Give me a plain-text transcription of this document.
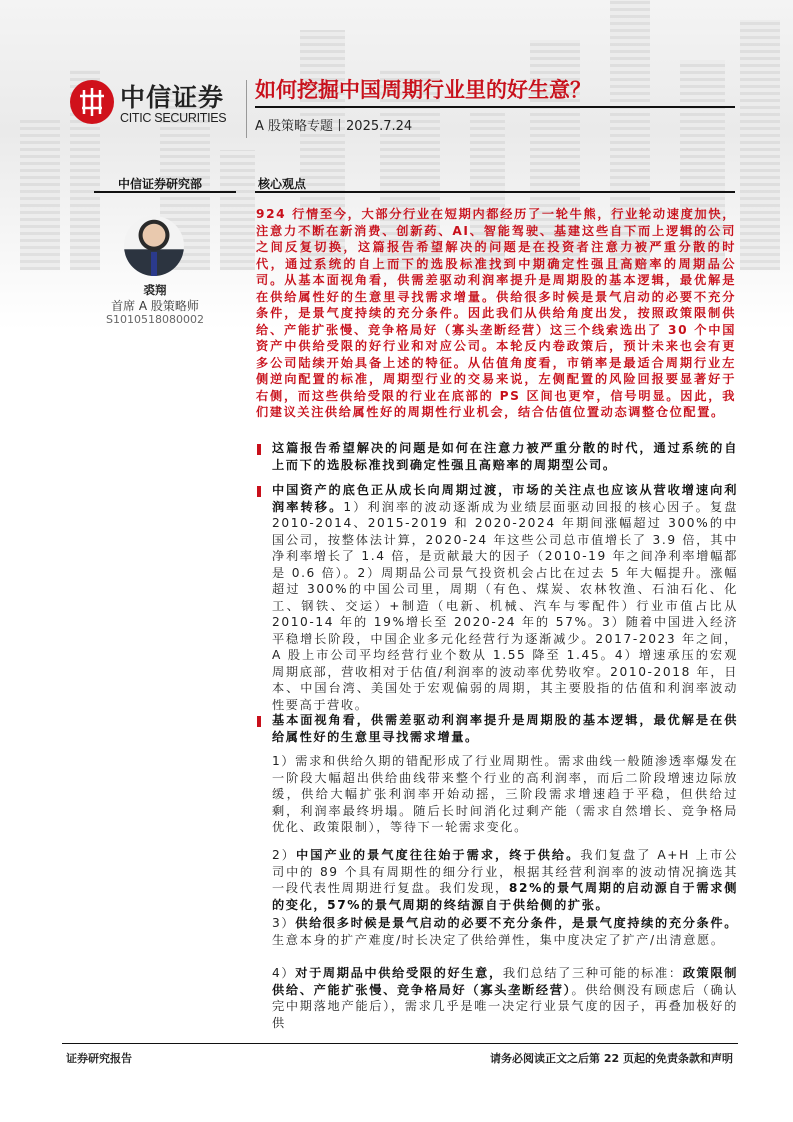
中信证券
CITIC SECURITIES
如何挖掘中国周期行业里的好生意？
A 股策略专题丨2025.7.24
中信证券研究部	核心观点
裘翔
首席 A 股策略师
S1010518080002
924 行情至今，大部分行业在短期内都经历了一轮牛熊，行业轮动速度加快，注意力不断在新消费、创新药、AI、智能驾驶、基建这些自下而上逻辑的公司之间反复切换，这篇报告希望解决的问题是在投资者注意力被严重分散的时代，通过系统的自上而下的选股标准找到中期确定性强且高赔率的周期品公司。从基本面视角看，供需差驱动利润率提升是周期股的基本逻辑，最优解是在供给属性好的生意里寻找需求增量。供给很多时候是景气启动的必要不充分条件，是景气度持续的充分条件。因此我们从供给角度出发，按照政策限制供给、产能扩张慢、竞争格局好（寡头垄断经营）这三个线索选出了 30 个中国资产中供给受限的好行业和对应公司。本轮反内卷政策后，预计未来也会有更多公司陆续开始具备上述的特征。从估值角度看，市销率是最适合周期行业左侧逆向配置的标准，周期型行业的交易来说，左侧配置的风险回报要显著好于右侧，而这些供给受限的行业在底部的 PS 区间也更窄，信号明显。因此，我们建议关注供给属性好的周期性行业机会，结合估值位置动态调整仓位配置。
这篇报告希望解决的问题是如何在注意力被严重分散的时代，通过系统的自上而下的选股标准找到确定性强且高赔率的周期型公司。
中国资产的底色正从成长向周期过渡，市场的关注点也应该从营收增速向利润率转移。1）利润率的波动逐渐成为业绩层面驱动回报的核心因子。复盘 2010-2014、2015-2019 和 2020-2024 年期间涨幅超过 300%的中国公司，按整体法计算，2020-24 年这些公司总市值增长了 3.9 倍，其中净利率增长了 1.4 倍，是贡献最大的因子（2010-19 年之间净利率增幅都是 0.6 倍）。2）周期品公司景气投资机会占比在过去 5 年大幅提升。涨幅超过 300%的中国公司里，周期（有色、煤炭、农林牧渔、石油石化、化工、钢铁、交运）+制造（电新、机械、汽车与零配件）行业市值占比从 2010-14 年的 19%增长至 2020-24 年的 57%。3）随着中国进入经济平稳增长阶段，中国企业多元化经营行为逐渐减少。2017-2023 年之间，A 股上市公司平均经营行业个数从 1.55 降至 1.45。4）增速承压的宏观周期底部，营收相对于估值/利润率的波动率优势收窄。2010-2018 年，日本、中国台湾、美国处于宏观偏弱的周期，其主要股指的估值和利润率波动性要高于营收。
基本面视角看，供需差驱动利润率提升是周期股的基本逻辑，最优解是在供给属性好的生意里寻找需求增量。
1）需求和供给久期的错配形成了行业周期性。需求曲线一般随渗透率爆发在一阶段大幅超出供给曲线带来整个行业的高利润率，而后二阶段增速边际放缓，供给大幅扩张利润率开始动摇，三阶段需求增速趋于平稳，但供给过剩，利润率最终坍塌。随后长时间消化过剩产能（需求自然增长、竞争格局优化、政策限制），等待下一轮需求变化。
2）中国产业的景气度往往始于需求，终于供给。我们复盘了 A+H 上市公司中的 89 个具有周期性的细分行业，根据其经营利润率的波动情况摘选其一段代表性周期进行复盘。我们发现，82%的景气周期的启动源自于需求侧的变化，57%的景气周期的终结源自于供给侧的扩张。
3）供给很多时候是景气启动的必要不充分条件，是景气度持续的充分条件。生意本身的扩产难度/时长决定了供给弹性，集中度决定了扩产/出清意愿。
4）对于周期品中供给受限的好生意，我们总结了三种可能的标准：政策限制供给、产能扩张慢、竞争格局好（寡头垄断经营）。供给侧没有顾虑后（确认完中期落地产能后），需求几乎是唯一决定行业景气度的因子，再叠加极好的供
证券研究报告	请务必阅读正文之后第 22 页起的免责条款和声明
